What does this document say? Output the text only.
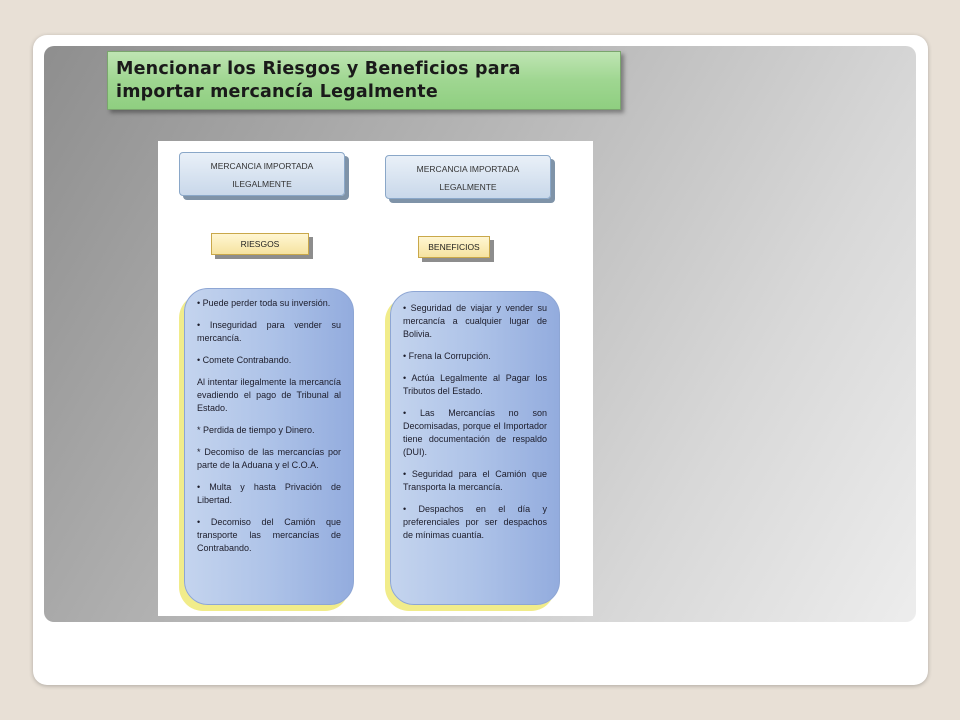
Mencionar los Riesgos y Beneficios para
importar mercancía Legalmente
MERCANCIA IMPORTADA
ILEGALMENTE
MERCANCIA IMPORTADA
LEGALMENTE
RIESGOS	BENEFICIOS
• Puede perder toda su inversión.
• Inseguridad para vender su mercancía.
• Comete Contrabando.
Al intentar ilegalmente la mercancía evadiendo el pago de Tribunal al Estado.
* Perdida de tiempo y Dinero.
* Decomiso de las mercancías por parte de la Aduana y el C.O.A.
• Multa y hasta Privación de Libertad.
• Decomiso del Camión que transporte las mercancías de Contrabando.
• Seguridad de viajar y vender su mercancía a cualquier lugar de Bolivia.
• Frena la Corrupción.
• Actúa Legalmente al Pagar los Tributos del Estado.
• Las Mercancías no son Decomisadas, porque el Importador tiene documentación de respaldo (DUI).
• Seguridad para el Camión que Transporta la mercancía.
• Despachos en el día y preferenciales por ser despachos de mínimas cuantía.
